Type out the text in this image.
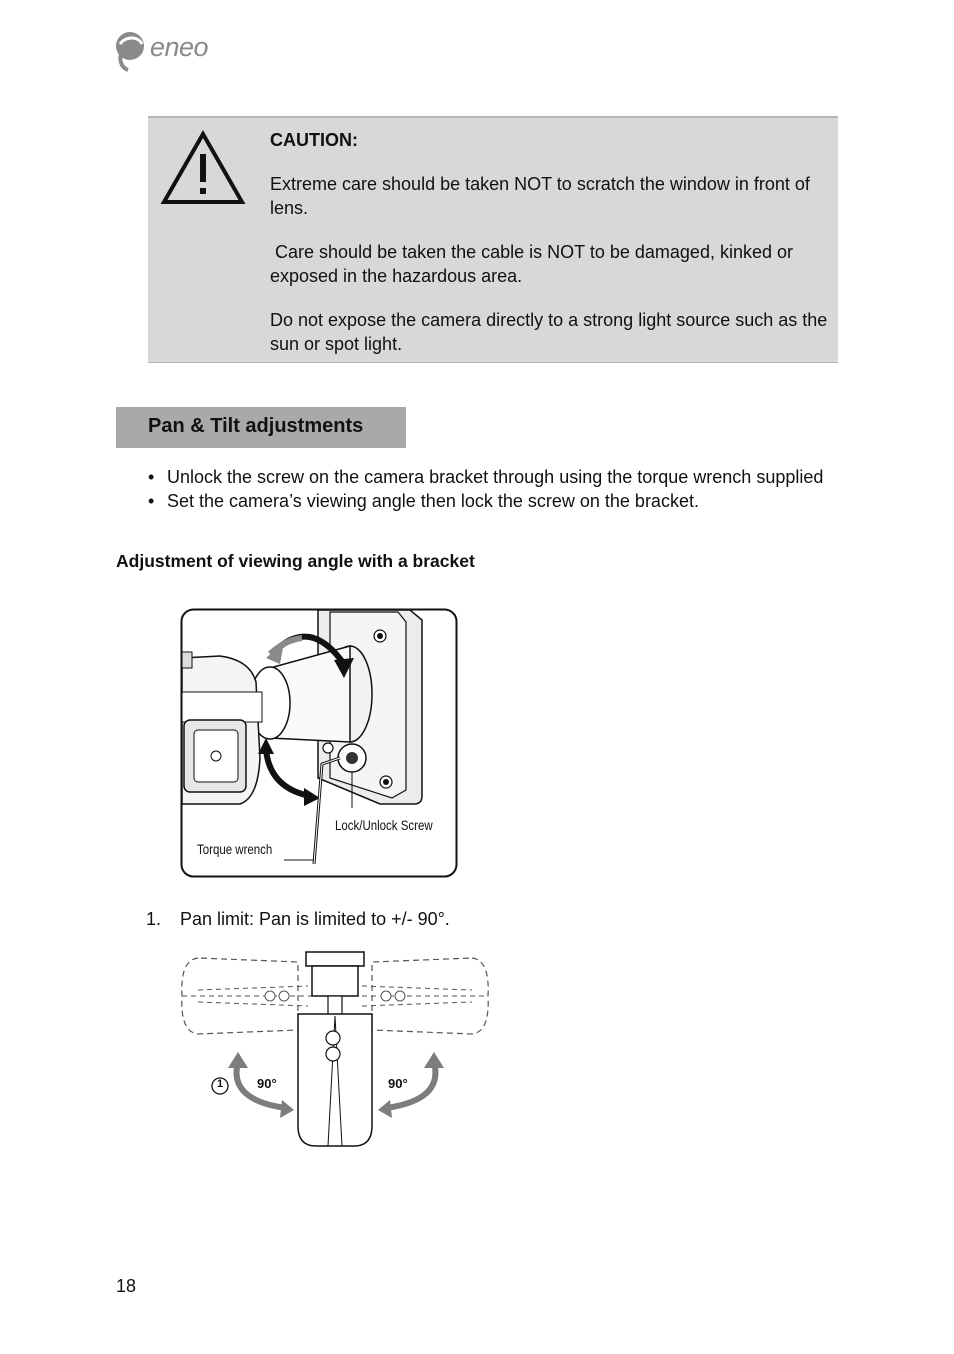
eneo

CAUTION:

Extreme care should be taken NOT to scratch the window in front of lens.

Care should be taken the cable is NOT to be damaged, kinked or exposed in the hazardous area.

Do not expose the camera directly to a strong light source such as the sun or spot light.

Pan & Tilt adjustments
• Unlock the screw on the camera bracket through using the torque wrench supplied
• Set the camera’s viewing angle then lock the screw on the bracket.
Adjustment of viewing angle with a bracket
Lock/Unlock Screw
Torque wrench
1. Pan limit: Pan is limited to +/- 90°.
1	90°	90°
18
